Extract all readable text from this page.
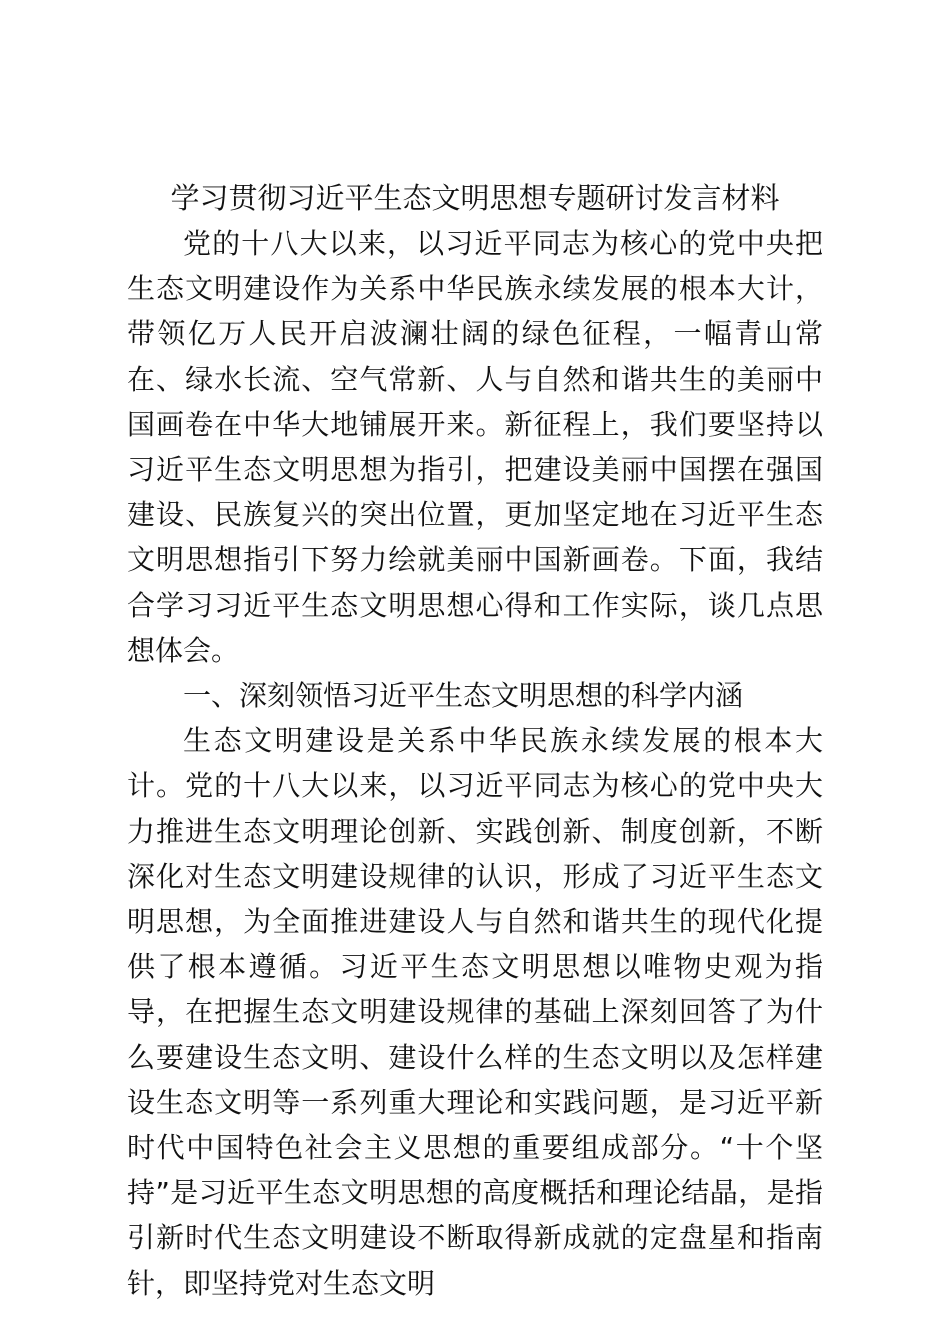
学习贯彻习近平生态文明思想专题研讨发言材料

党的十八大以来，以习近平同志为核心的党中央把生态文明建设作为关系中华民族永续发展的根本大计，带领亿万人民开启波澜壮阔的绿色征程，一幅青山常在、绿水长流、空气常新、人与自然和谐共生的美丽中国画卷在中华大地铺展开来。新征程上，我们要坚持以习近平生态文明思想为指引，把建设美丽中国摆在强国建设、民族复兴的突出位置，更加坚定地在习近平生态文明思想指引下努力绘就美丽中国新画卷。下面，我结合学习习近平生态文明思想心得和工作实际，谈几点思想体会。

一、深刻领悟习近平生态文明思想的科学内涵

生态文明建设是关系中华民族永续发展的根本大计。党的十八大以来，以习近平同志为核心的党中央大力推进生态文明理论创新、实践创新、制度创新，不断深化对生态文明建设规律的认识，形成了习近平生态文明思想，为全面推进建设人与自然和谐共生的现代化提供了根本遵循。习近平生态文明思想以唯物史观为指导，在把握生态文明建设规律的基础上深刻回答了为什么要建设生态文明、建设什么样的生态文明以及怎样建设生态文明等一系列重大理论和实践问题，是习近平新时代中国特色社会主义思想的重要组成部分。“十个坚持”是习近平生态文明思想的高度概括和理论结晶，是指引新时代生态文明建设不断取得新成就的定盘星和指南针，即坚持党对生态文明
